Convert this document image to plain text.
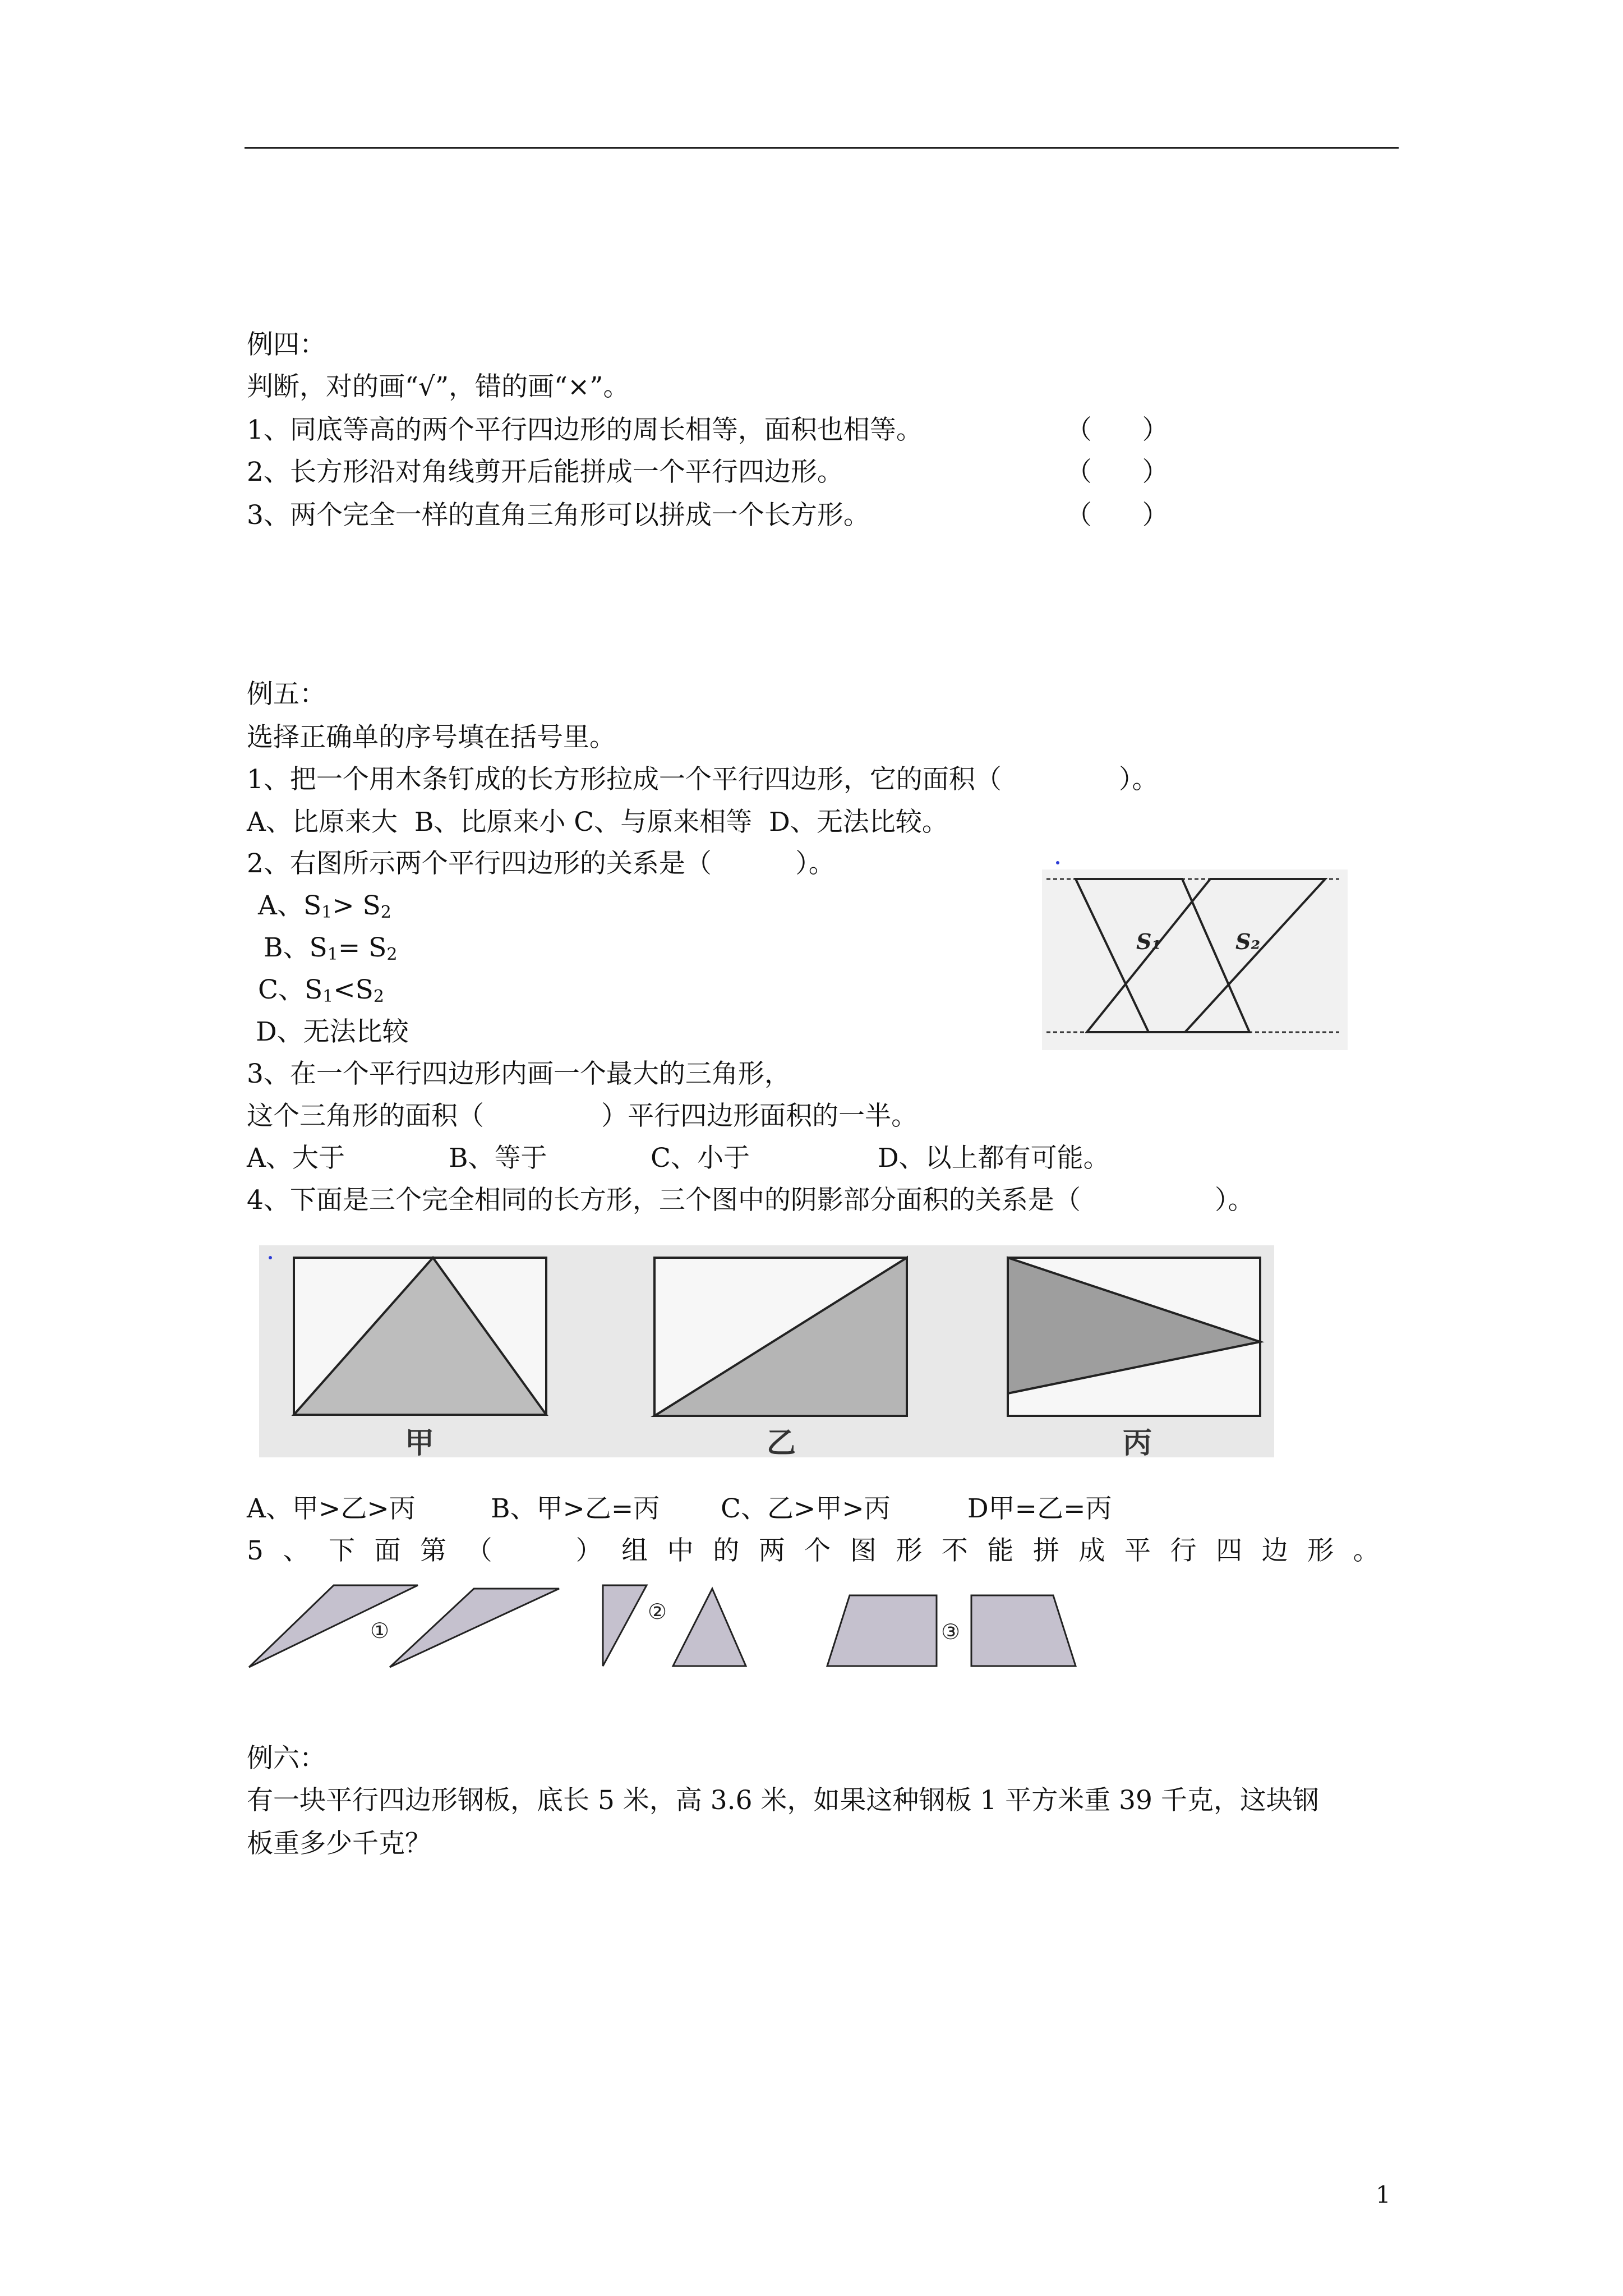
例四：
判断，对的画“√”，错的画“×”。
1、同底等高的两个平行四边形的周长相等，面积也相等。	（      ）
2、长方形沿对角线剪开后能拼成一个平行四边形。	（      ）
3、两个完全一样的直角三角形可以拼成一个长方形。	（      ）
例五：
选择正确单的序号填在括号里。
1、把一个用木条钉成的长方形拉成一个平行四边形，它的面积（              ）。
A、比原来大  B、比原来小 C、与原来相等  D、无法比较。
2、右图所示两个平行四边形的关系是（          ）。
A、$S_1> S_2$
B、$S_1= S_2$
C、$S_1<S_2$
D、无法比较
S₁	S₂
3、在一个平行四边形内画一个最大的三角形，
这个三角形的面积（              ）平行四边形面积的一半。
A、大于	B、等于	C、小于	D、以上都有可能。
4、下面是三个完全相同的长方形，三个图中的阴影部分面积的关系是（                ）。
甲	乙	丙
A、甲>乙>丙	B、甲>乙=丙 C、乙>甲>丙	D甲=乙=丙
5 、 下 面 第 （	） 组 中 的 两 个 图 形 不 能 拼 成 平 行 四 边 形 。
①
②
③
例六：
有一块平行四边形钢板，底长 5 米，高 3.6 米，如果这种钢板 1 平方米重 39 千克，这块钢
板重多少千克？
1
